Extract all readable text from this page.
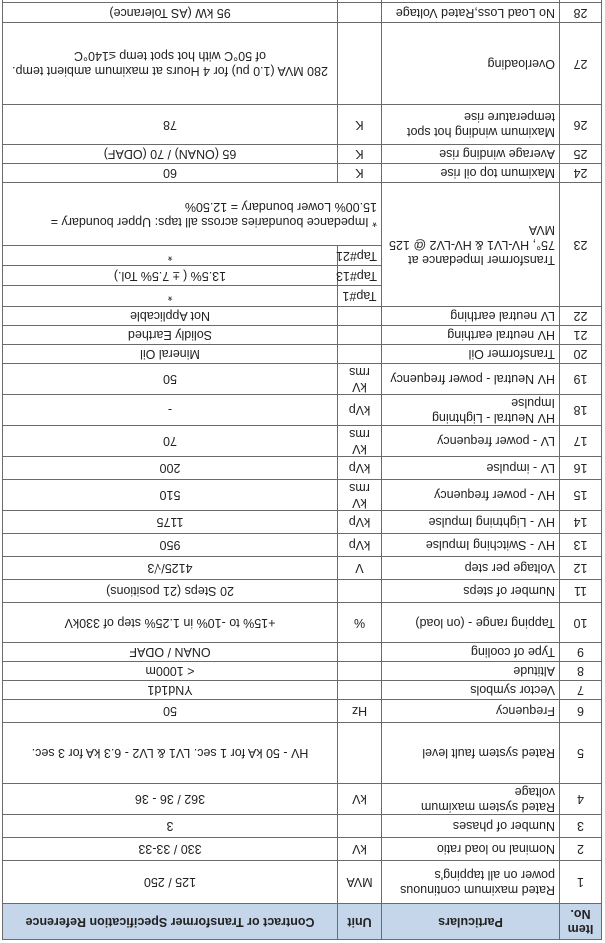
Item No.	Particulars	Unit	Contract or Transformer Specification Reference
1	Rated maximum continuous power on all tapping's	MVA	125 / 250
2	Nominal no load ratio	kV	330 / 33-33
3	Number of phases		3
4	Rated system maximum voltage	kV	362 / 36 - 36
5	Rated system fault level		HV - 50 kA for 1 sec. LV1 & LV2 - 6.3 kA for 3 sec.
6	Frequency	Hz	50
7	Vector symbols		YNd1d1
8	Altitude		< 1000m
9	Type of cooling		ONAN / ODAF
10	Tapping range - (on load)	%	+15% to -10% in 1.25% step of 330kV
11	Number of steps		20 Steps (21 positions)
12	Voltage per step	V	4125/√3
13	HV - Switching Impulse	kVp	950
14	HV - Lightning Impulse	kVp	1175
15	HV - power frequency	kV rms	510
16	LV - impulse	kVp	200
17	LV - power frequency	kV rms	70
18	HV Neutral - Lightning Impulse	kVp	-
19	HV Neutral - power frequency	kV rms	50
20	Transformer Oil		Mineral Oil
21	HV neutral earthing		Solidly Earthed
22	LV neutral earthing		Not Applicable
23	Transformer Impedance at 75°, HV-LV1 & HV-LV2 @ 125 MVA	Tap#1	*
		Tap#13	13.5% ( ± 7.5% Tol.)
		Tap#21	*
		* Impedance boundaries across all taps: Upper boundary = 15.00% Lower boundary = 12.50%	
24	Maximum top oil rise	K	60
25	Average winding rise	K	65 (ONAN) / 70 (ODAF)
26	Maximum winding hot spot temperature rise	K	78
27	Overloading		280 MVA (1.0 pu) for 4 Hours at maximum ambient temp. of 50°C with hot spot temp ≤140°C
28	No Load Loss,Rated Voltage		95 kW (AS Tolerance)
